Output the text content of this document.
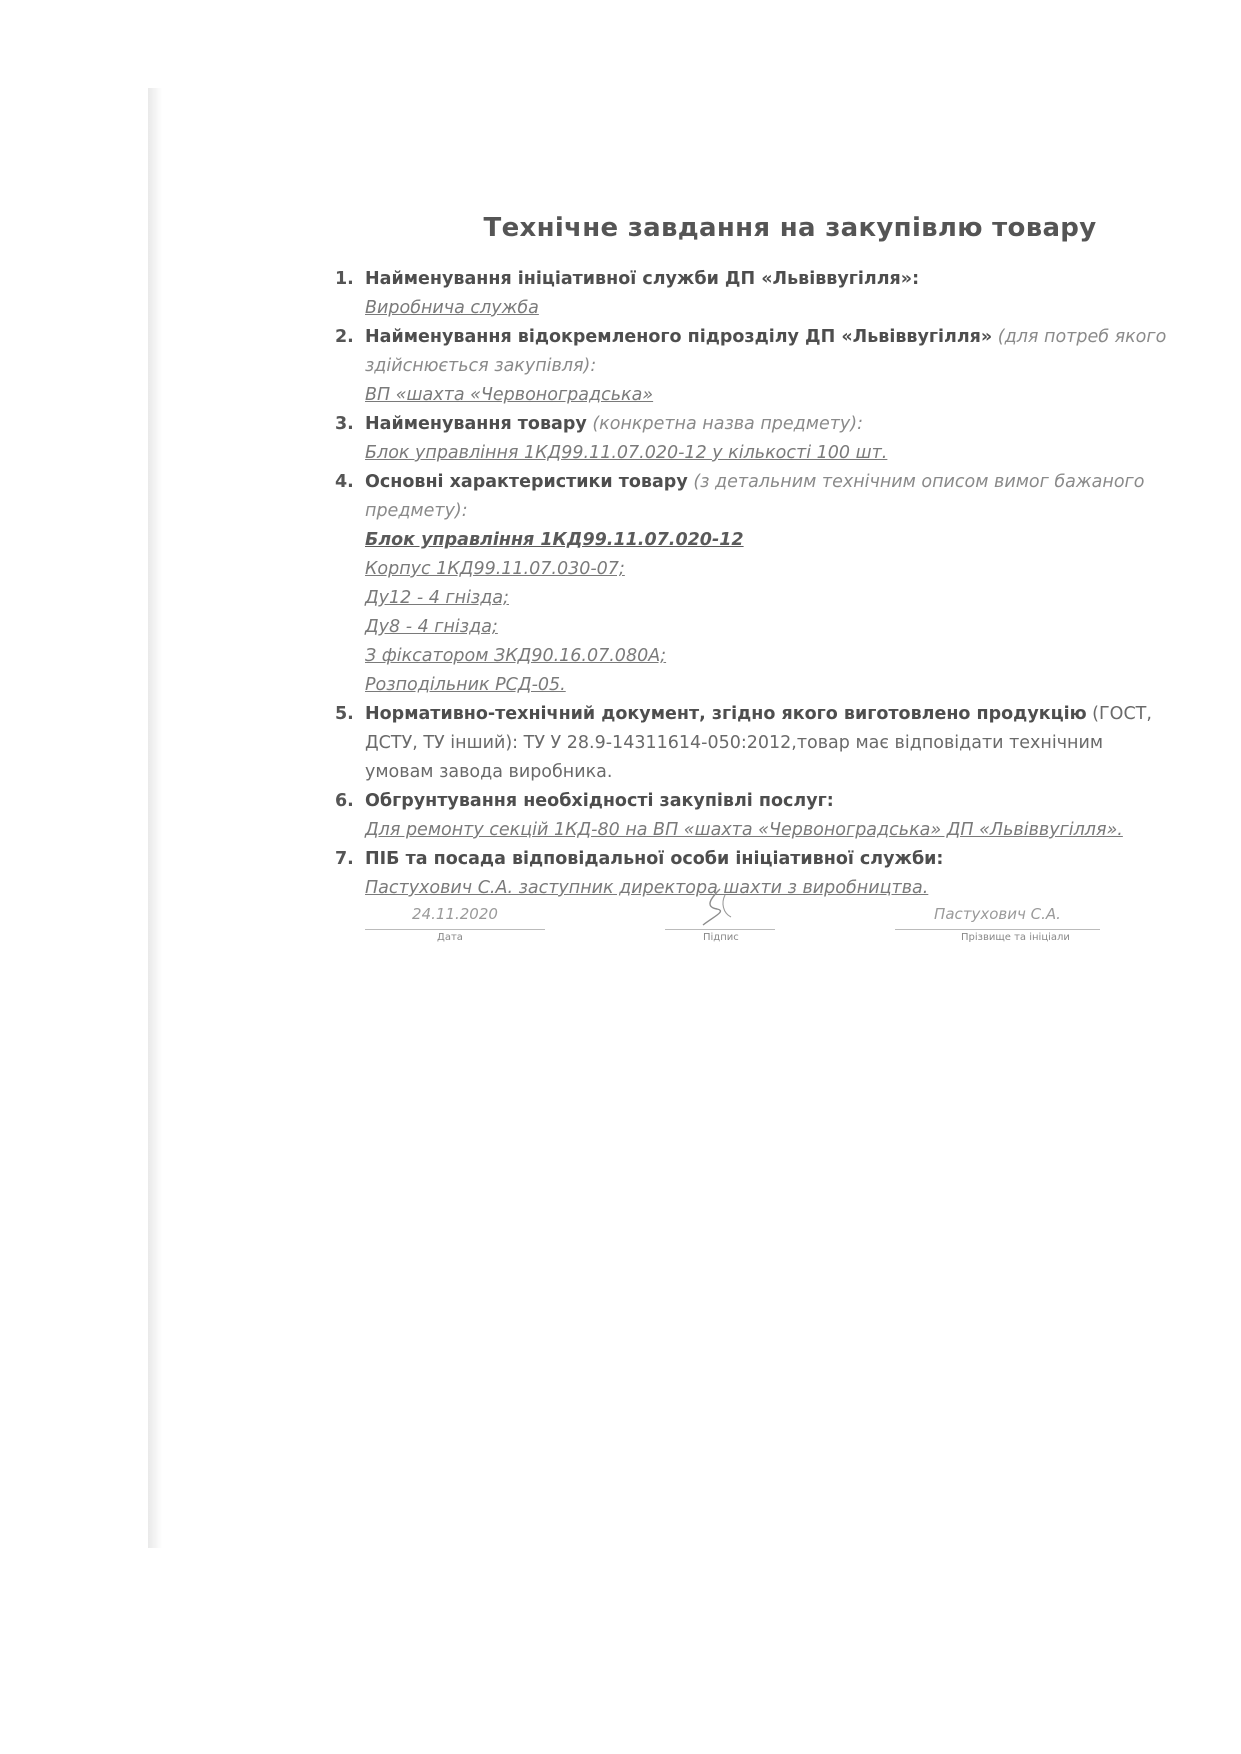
Технічне завдання на закупівлю товару
1. Найменування ініціативної служби ДП «Львіввугілля»:
Виробнича служба
2. Найменування відокремленого підрозділу ДП «Львіввугілля» (для потреб якого здійснюється закупівля):
ВП «шахта «Червоноградська»
3. Найменування товару (конкретна назва предмету):
Блок управління 1КД99.11.07.020-12 у кількості 100 шт.
4. Основні характеристики товару (з детальним технічним описом вимог бажаного предмету):
Блок управління 1КД99.11.07.020-12
Корпус 1КД99.11.07.030-07;
Ду12 - 4 гнізда;
Ду8 - 4 гнізда;
З фіксатором ЗКД90.16.07.080А;
Розподільник РСД-05.
5. Нормативно-технічний документ, згідно якого виготовлено продукцію (ГОСТ, ДСТУ, ТУ інший): ТУ У 28.9-14311614-050:2012,товар має відповідати технічним умовам завода виробника.
6. Обгрунтування необхідності закупівлі послуг:
Для ремонту секцій 1КД-80 на ВП «шахта «Червоноградська» ДП «Львіввугілля».
7. ПІБ та посада відповідальної особи ініціативної служби:
Пастухович С.А. заступник директора шахти з виробництва.
24.11.2020
Дата	Підпис
Пастухович С.А.
Прізвище та ініціали
